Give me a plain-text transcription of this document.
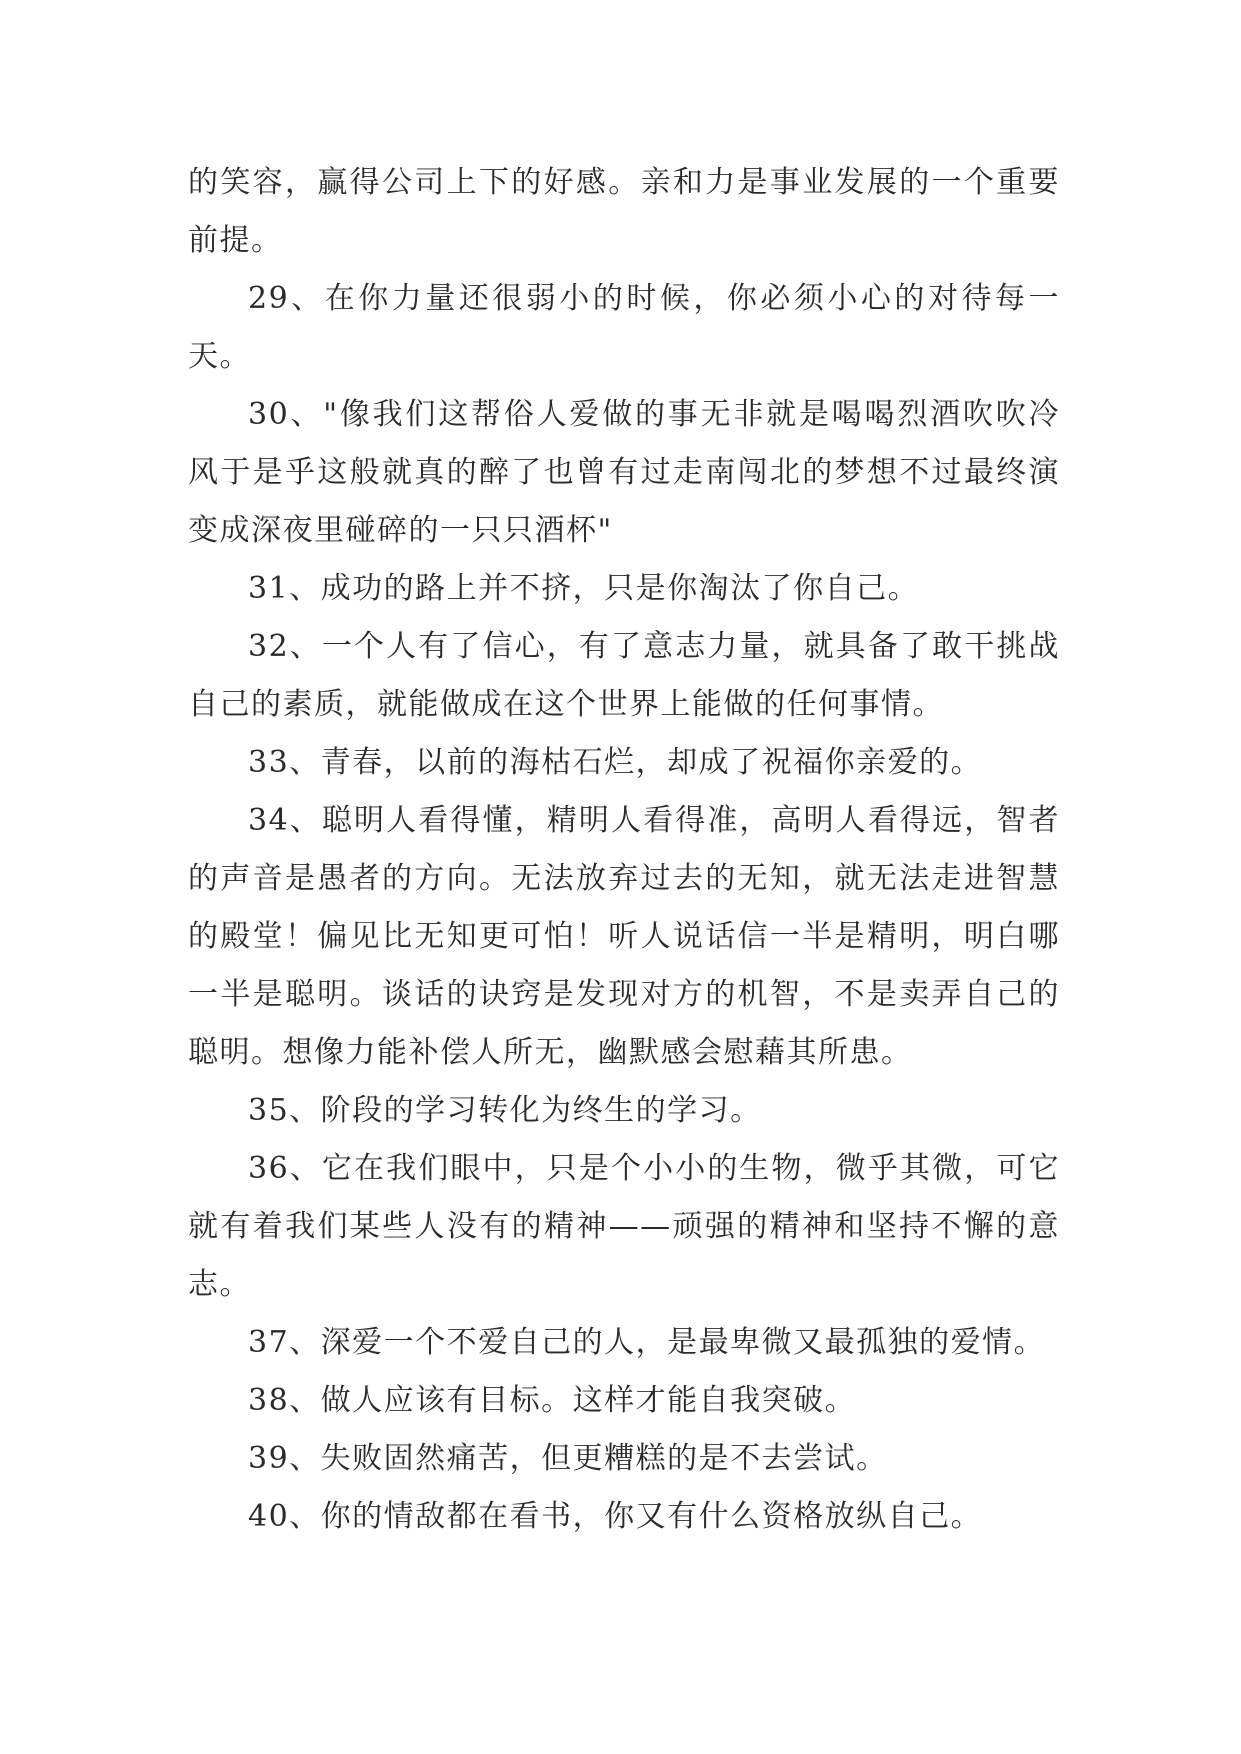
的笑容，赢得公司上下的好感。亲和力是事业发展的一个重要前提。

29、在你力量还很弱小的时候，你必须小心的对待每一天。

30、"像我们这帮俗人爱做的事无非就是喝喝烈酒吹吹冷风于是乎这般就真的醉了也曾有过走南闯北的梦想不过最终演变成深夜里碰碎的一只只酒杯"

31、成功的路上并不挤，只是你淘汰了你自己。

32、一个人有了信心，有了意志力量，就具备了敢干挑战自己的素质，就能做成在这个世界上能做的任何事情。

33、青春，以前的海枯石烂，却成了祝福你亲爱的。

34、聪明人看得懂，精明人看得准，高明人看得远，智者的声音是愚者的方向。无法放弃过去的无知，就无法走进智慧的殿堂！偏见比无知更可怕！听人说话信一半是精明，明白哪一半是聪明。谈话的诀窍是发现对方的机智，不是卖弄自己的聪明。想像力能补偿人所无，幽默感会慰藉其所患。

35、阶段的学习转化为终生的学习。

36、它在我们眼中，只是个小小的生物，微乎其微，可它就有着我们某些人没有的精神——顽强的精神和坚持不懈的意志。

37、深爱一个不爱自己的人，是最卑微又最孤独的爱情。

38、做人应该有目标。这样才能自我突破。

39、失败固然痛苦，但更糟糕的是不去尝试。

40、你的情敌都在看书，你又有什么资格放纵自己。
